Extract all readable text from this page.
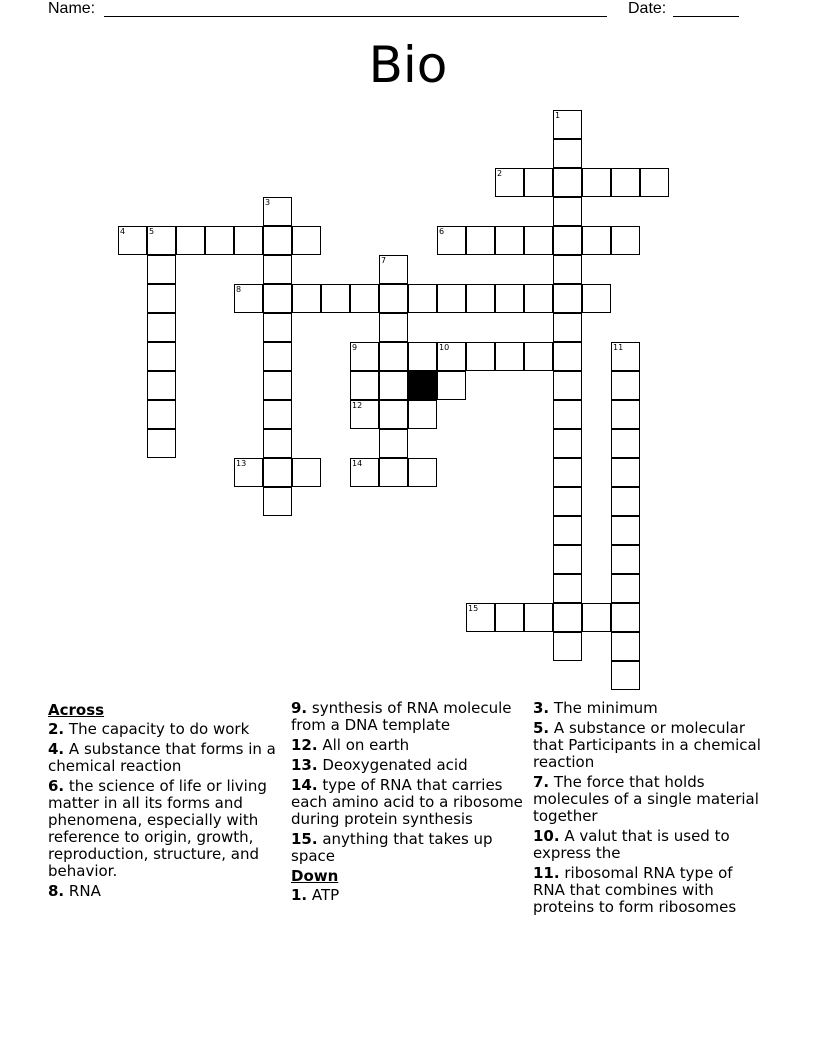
Name:	Date:
Bio
1
2
3
4	5	6
7
8
9	10	11
12
13	14
15
Across
2. The capacity to do work
4. A substance that forms in a chemical reaction
6. the science of life or living matter in all its forms and phenomena, especially with reference to origin, growth, reproduction, structure, and behavior.
8. RNA
9. synthesis of RNA molecule from a DNA template
12. All on earth
13. Deoxygenated acid
14. type of RNA that carries each amino acid to a ribosome during protein synthesis
15. anything that takes up space
Down
1. ATP
3. The minimum
5. A substance or molecular that Participants in a chemical reaction
7. The force that holds molecules of a single material together
10. A valut that is used to express the
11. ribosomal RNA type of RNA that combines with proteins to form ribosomes
